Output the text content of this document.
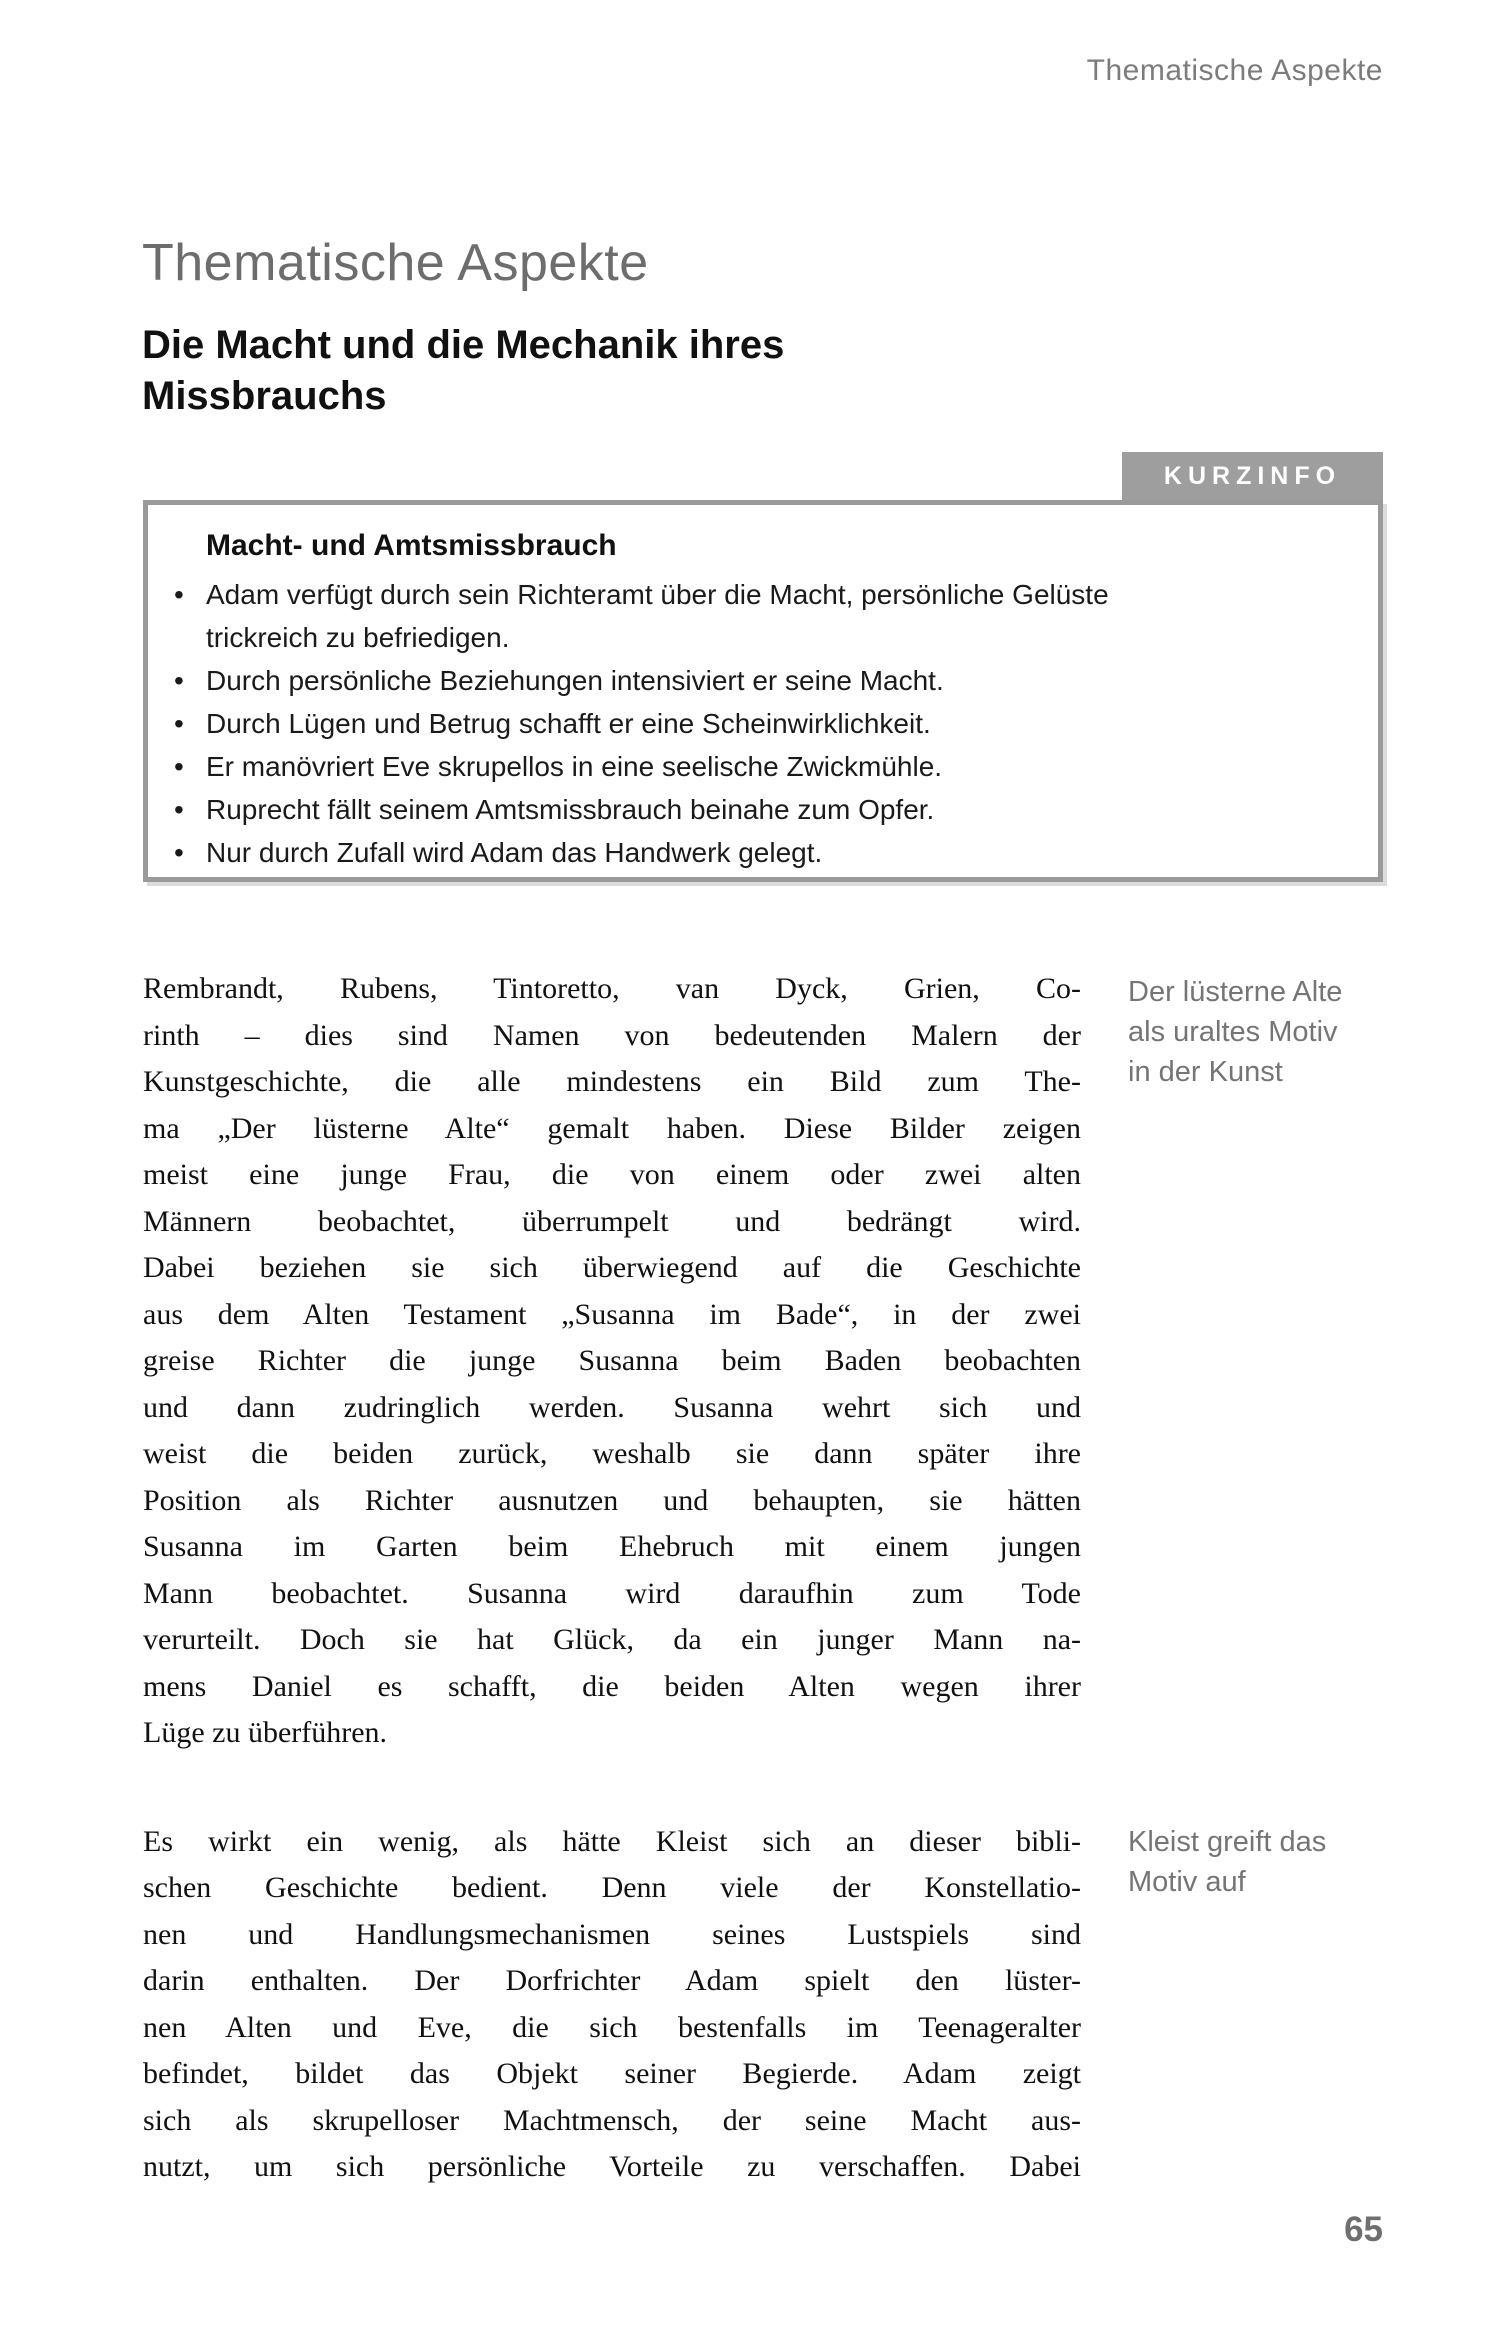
Thematische Aspekte
Thematische Aspekte
Die Macht und die Mechanik ihres
Missbrauchs
KURZINFO
Macht- und Amtsmissbrauch
• Adam verfügt durch sein Richteramt über die Macht, persönliche Gelüste trickreich zu befriedigen.
• Durch persönliche Beziehungen intensiviert er seine Macht.
• Durch Lügen und Betrug schafft er eine Scheinwirklichkeit.
• Er manövriert Eve skrupellos in eine seelische Zwickmühle.
• Ruprecht fällt seinem Amtsmissbrauch beinahe zum Opfer.
• Nur durch Zufall wird Adam das Handwerk gelegt.
Rembrandt, Rubens, Tintoretto, van Dyck, Grien, Co-
rinth – dies sind Namen von bedeutenden Malern der
Kunstgeschichte, die alle mindestens ein Bild zum The-
ma „Der lüsterne Alte“ gemalt haben. Diese Bilder zeigen
meist eine junge Frau, die von einem oder zwei alten
Männern beobachtet, überrumpelt und bedrängt wird.
Dabei beziehen sie sich überwiegend auf die Geschichte
aus dem Alten Testament „Susanna im Bade“, in der zwei
greise Richter die junge Susanna beim Baden beobachten
und dann zudringlich werden. Susanna wehrt sich und
weist die beiden zurück, weshalb sie dann später ihre
Position als Richter ausnutzen und behaupten, sie hätten
Susanna im Garten beim Ehebruch mit einem jungen
Mann beobachtet. Susanna wird daraufhin zum Tode
verurteilt. Doch sie hat Glück, da ein junger Mann na-
mens Daniel es schafft, die beiden Alten wegen ihrer
Lüge zu überführen.
Es wirkt ein wenig, als hätte Kleist sich an dieser bibli-
schen Geschichte bedient. Denn viele der Konstellatio-
nen und Handlungsmechanismen seines Lustspiels sind
darin enthalten. Der Dorfrichter Adam spielt den lüster-
nen Alten und Eve, die sich bestenfalls im Teenageralter
befindet, bildet das Objekt seiner Begierde. Adam zeigt
sich als skrupelloser Machtmensch, der seine Macht aus-
nutzt, um sich persönliche Vorteile zu verschaffen. Dabei
Der lüsterne Alte
als uraltes Motiv
in der Kunst
Kleist greift das
Motiv auf
65
